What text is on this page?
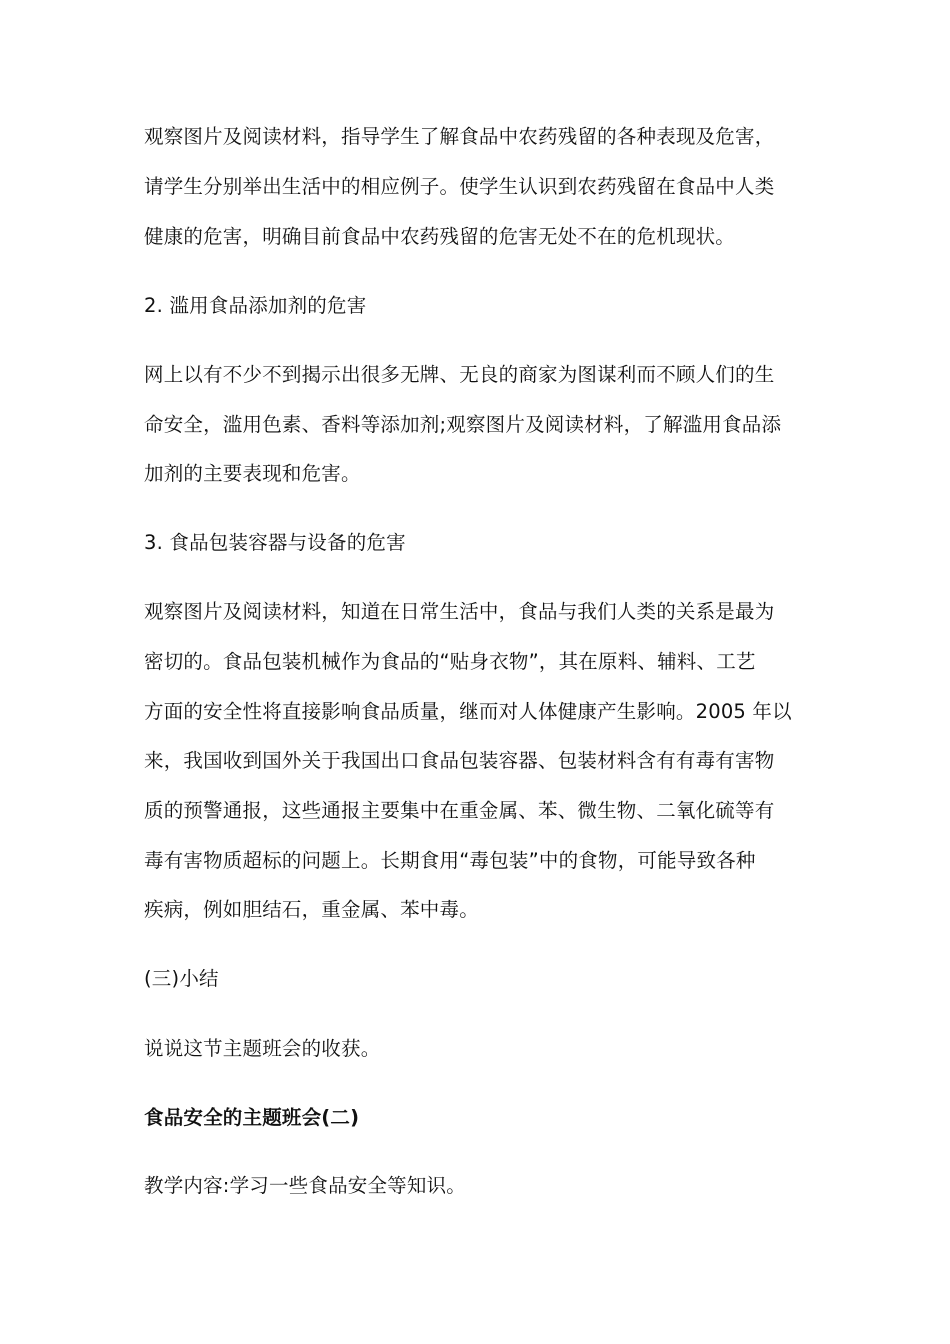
观察图片及阅读材料，指导学生了解食品中农药残留的各种表现及危害，
请学生分别举出生活中的相应例子。使学生认识到农药残留在食品中人类
健康的危害，明确目前食品中农药残留的危害无处不在的危机现状。
2. 滥用食品添加剂的危害
网上以有不少不到揭示出很多无牌、无良的商家为图谋利而不顾人们的生
命安全，滥用色素、香料等添加剂;观察图片及阅读材料，了解滥用食品添
加剂的主要表现和危害。
3. 食品包装容器与设备的危害
观察图片及阅读材料，知道在日常生活中，食品与我们人类的关系是最为
密切的。食品包装机械作为食品的“贴身衣物”，其在原料、辅料、工艺
方面的安全性将直接影响食品质量，继而对人体健康产生影响。2005 年以
来，我国收到国外关于我国出口食品包装容器、包装材料含有有毒有害物
质的预警通报，这些通报主要集中在重金属、苯、微生物、二氧化硫等有
毒有害物质超标的问题上。长期食用“毒包装”中的食物，可能导致各种
疾病，例如胆结石，重金属、苯中毒。
(三)小结
说说这节主题班会的收获。
食品安全的主题班会(二)
教学内容:学习一些食品安全等知识。
